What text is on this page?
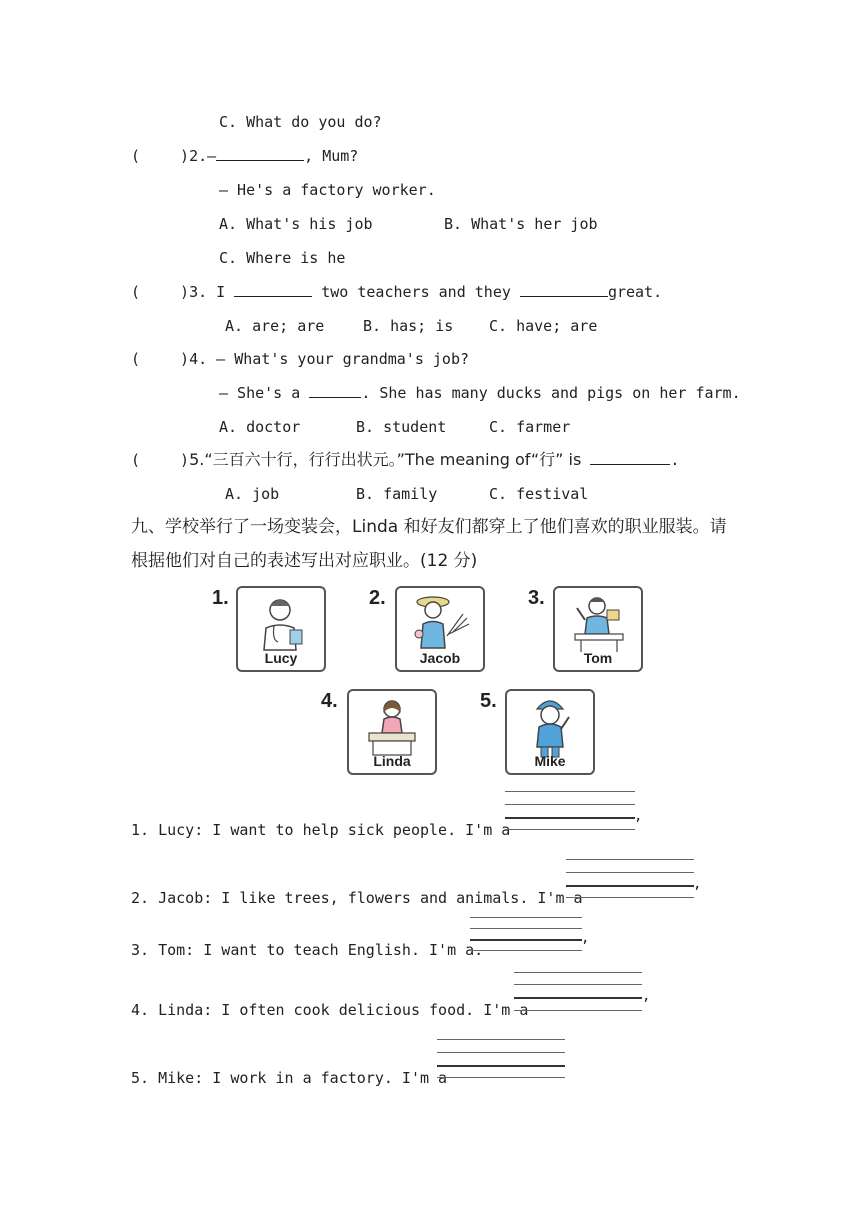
C. What do you do?
(	)2.—	, Mum?
— He's a factory worker.
A. What's his job	B. What's her job
C. Where is he
(	)3. I	two teachers and they	great.
A. are; are	B. has; is C. have; are
(	)4. — What's your grandma's job?
— She's a	. She has many ducks and pigs on her farm.
A. doctor	B. student	C. farmer
(	)5.“三百六十行，行行出状元。”The meaning of“行” is	.
A. job	B. family	C. festival
九、学校举行了一场变装会，Linda 和好友们都穿上了他们喜欢的职业服装。请
根据他们对自己的表述写出对应职业。(12 分)
1.
Lucy
2.
Jacob
3.
Tom
4.
Linda
5.
Mike
,
1. Lucy: I want to help sick people. I'm a
,
2. Jacob: I like trees, flowers and animals. I'm a
,
3. Tom: I want to teach English. I'm a.
,
4. Linda: I often cook delicious food. I'm a
5. Mike: I work in a factory. I'm a
